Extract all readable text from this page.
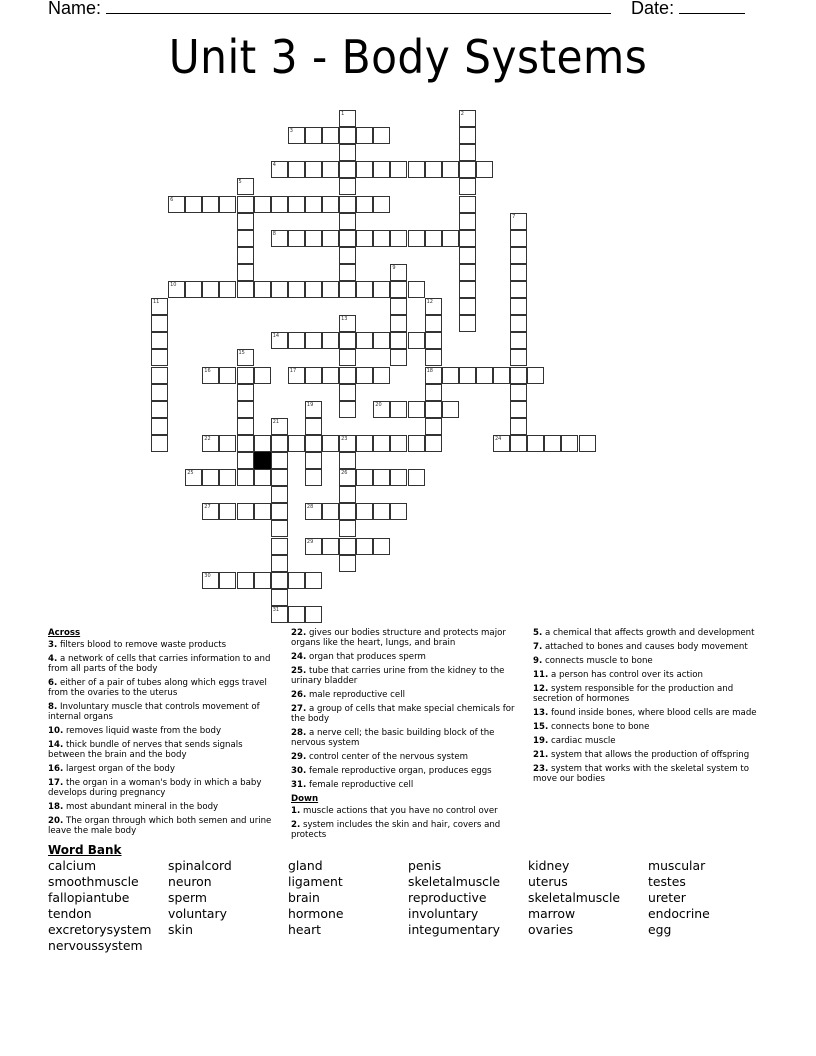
Name:	Date:
Unit 3 - Body Systems
1	2
3
4
5
6
7
8
9
10
11	12
18
13
14
15
16	17
19	20
21
31
22	23
26
24
25
27	28
29
30
Across
3. filters blood to remove waste products
4. a network of cells that carries information to and from all parts of the body
6. either of a pair of tubes along which eggs travel from the ovaries to the uterus
8. Involuntary muscle that controls movement of internal organs
10. removes liquid waste from the body
14. thick bundle of nerves that sends signals between the brain and the body
16. largest organ of the body
17. the organ in a woman's body in which a baby develops during pregnancy
18. most abundant mineral in the body
20. The organ through which both semen and urine leave the male body
22. gives our bodies structure and protects major organs like the heart, lungs, and brain
24. organ that produces sperm
25. tube that carries urine from the kidney to the urinary bladder
26. male reproductive cell
27. a group of cells that make special chemicals for the body
28. a nerve cell; the basic building block of the nervous system
29. control center of the nervous system
30. female reproductive organ, produces eggs
31. female reproductive cell
Down
1. muscle actions that you have no control over
2. system includes the skin and hair, covers and protects
5. a chemical that affects growth and development
7. attached to bones and causes body movement
9. connects muscle to bone
11. a person has control over its action
12. system responsible for the production and secretion of hormones
13. found inside bones, where blood cells are made
15. connects bone to bone
19. cardiac muscle
21. system that allows the production of offspring
23. system that works with the skeletal system to move our bodies
Word Bank
calcium	spinalcord	gland	penis	kidney	muscular
smoothmuscle	neuron	ligament	skeletalmuscle	uterus	testes
fallopiantube	sperm	brain	reproductive	skeletalmuscle	ureter
tendon	voluntary	hormone	involuntary	marrow	endocrine
excretorysystem	skin	heart	integumentary	ovaries	egg
nervoussystem
